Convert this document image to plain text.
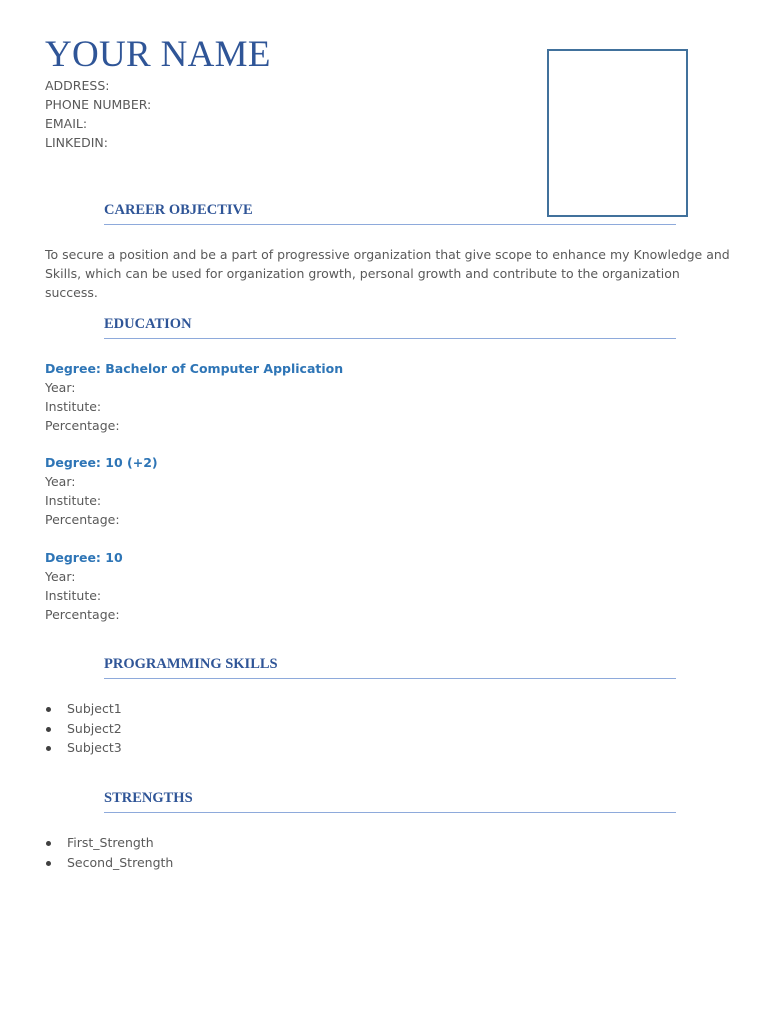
YOUR NAME
ADDRESS:
PHONE NUMBER:
EMAIL:
LINKEDIN:
CAREER OBJECTIVE
To secure a position and be a part of progressive organization that give scope to enhance my Knowledge and Skills, which can be used for organization growth, personal growth and contribute to the organization success.
EDUCATION
Degree: Bachelor of Computer Application
Year:
Institute:
Percentage:
Degree: 10 (+2)
Year:
Institute:
Percentage:
Degree: 10
Year:
Institute:
Percentage:
PROGRAMMING SKILLS
Subject1
Subject2
Subject3
STRENGTHS
First_Strength
Second_Strength
